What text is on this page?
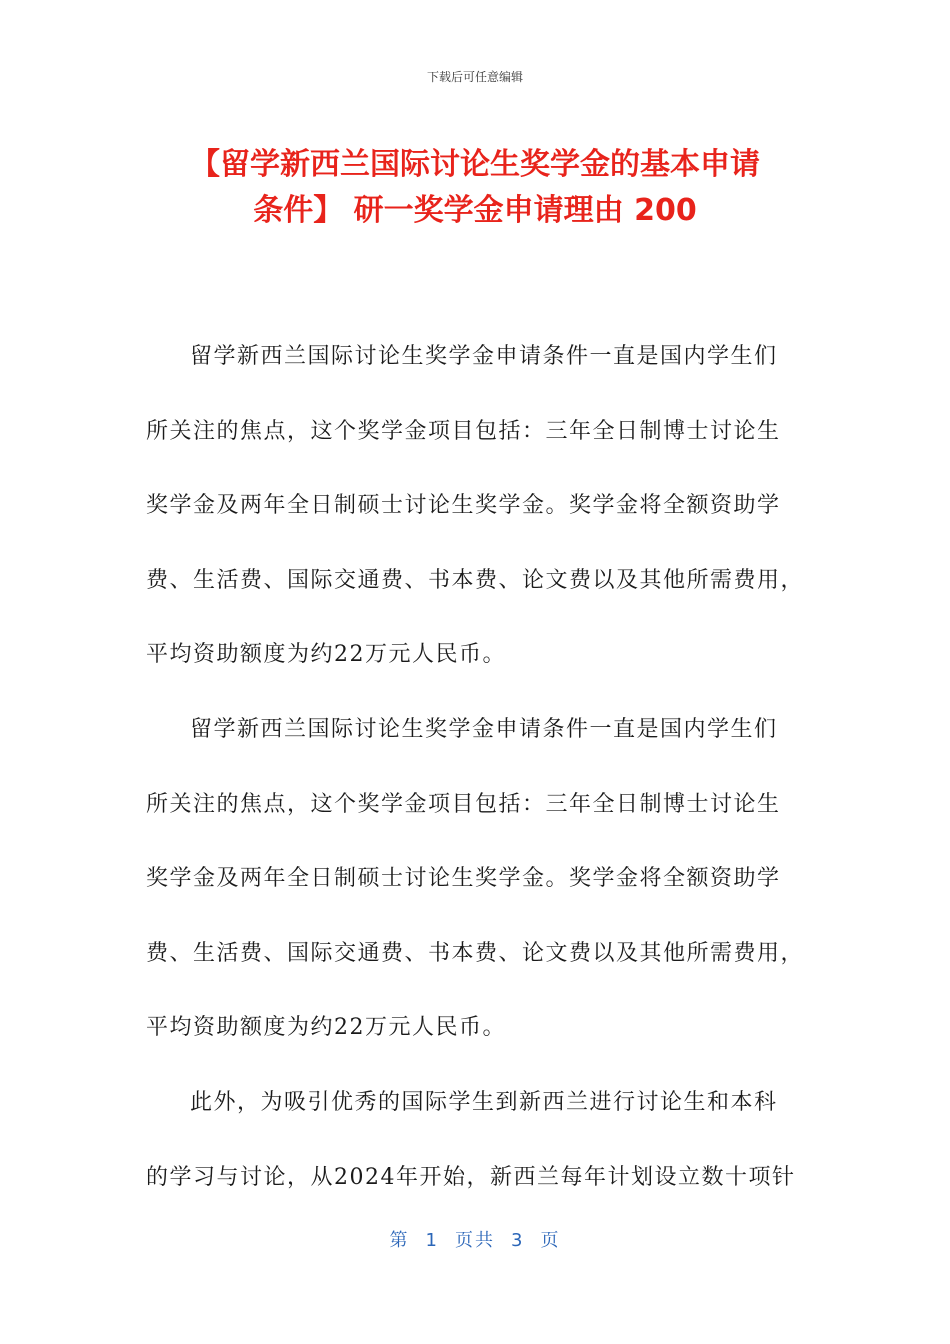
下载后可任意编辑
【留学新西兰国际讨论生奖学金的基本申请
条件】 研一奖学金申请理由 200

留学新西兰国际讨论生奖学金申请条件一直是国内学生们
所关注的焦点，这个奖学金项目包括：三年全日制博士讨论生
奖学金及两年全日制硕士讨论生奖学金。奖学金将全额资助学
费、生活费、国际交通费、书本费、论文费以及其他所需费用，
平均资助额度为约22万元人民币。

留学新西兰国际讨论生奖学金申请条件一直是国内学生们
所关注的焦点，这个奖学金项目包括：三年全日制博士讨论生
奖学金及两年全日制硕士讨论生奖学金。奖学金将全额资助学
费、生活费、国际交通费、书本费、论文费以及其他所需费用，
平均资助额度为约22万元人民币。

此外，为吸引优秀的国际学生到新西兰进行讨论生和本科
的学习与讨论，从2024年开始，新西兰每年计划设立数十项针

第 1 页共 3 页
